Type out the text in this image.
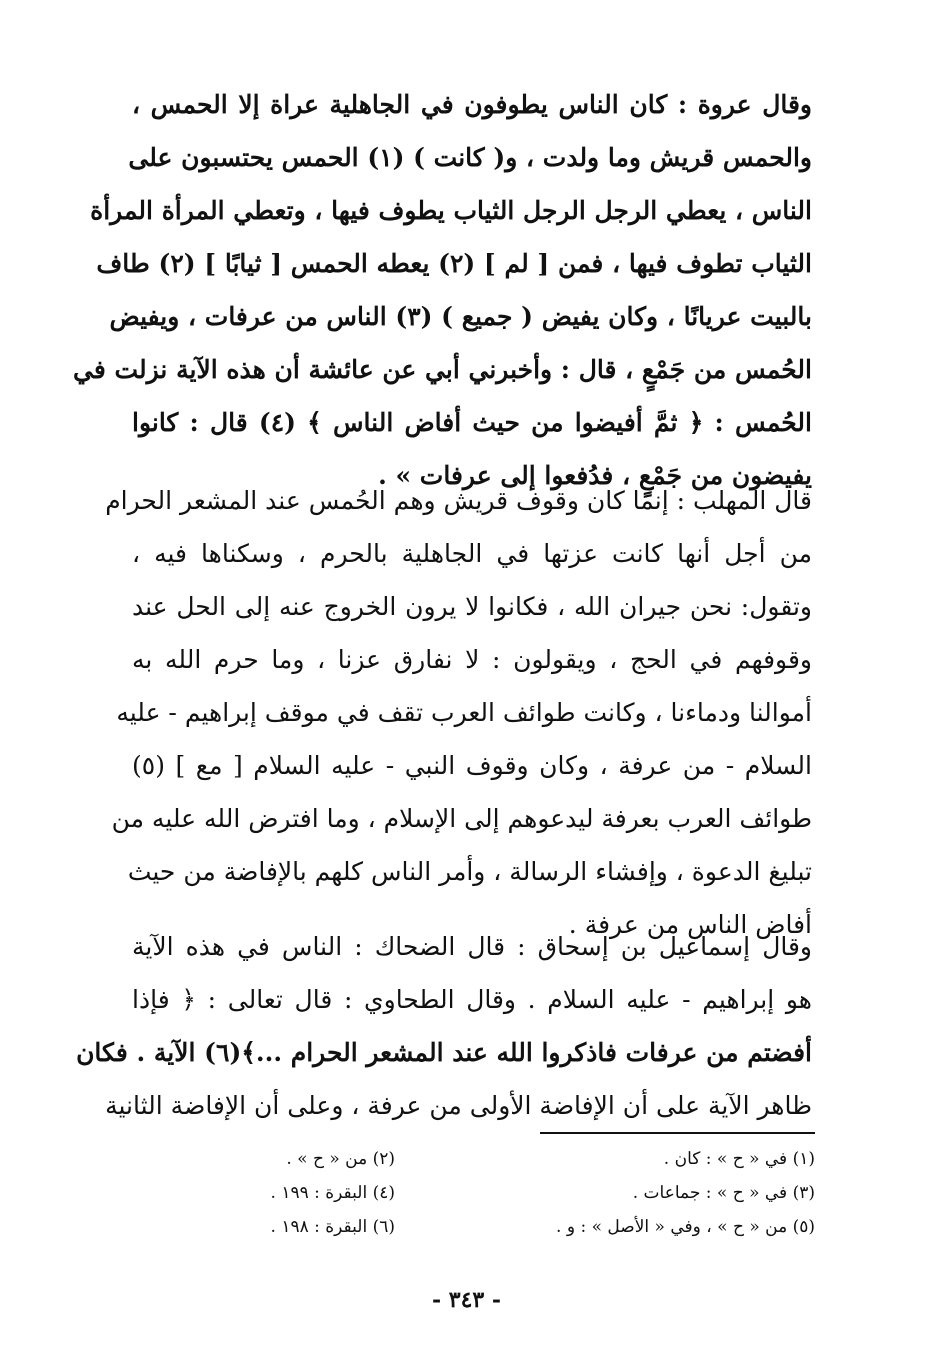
وقال عروة : كان الناس يطوفون في الجاهلية عراة إلا الحمس ،
والحمس قريش وما ولدت ، و( كانت ) (١) الحمس يحتسبون على
الناس ، يعطي الرجل الرجل الثياب يطوف فيها ، وتعطي المرأة المرأة
الثياب تطوف فيها ، فمن [ لم ] (٢) يعطه الحمس [ ثيابًا ] (٢) طاف
بالبيت عريانًا ، وكان يفيض ( جميع ) (٣) الناس من عرفات ، ويفيض
الحُمس من جَمْعٍ ، قال : وأخبرني أبي عن عائشة أن هذه الآية نزلت في
الحُمس : ﴿ ثمَّ أفيضوا من حيث أفاض الناس ﴾ (٤) قال : كانوا
يفيضون من جَمْعٍ ، فدُفعوا إلى عرفات » .
قال المهلب : إنما كان وقوف قريش وهم الحُمس عند المشعر الحرام
من أجل أنها كانت عزتها في الجاهلية بالحرم ، وسكناها فيه ،
وتقول: نحن جيران الله ، فكانوا لا يرون الخروج عنه إلى الحل عند
وقوفهم في الحج ، ويقولون : لا نفارق عزنا ، وما حرم الله به
أموالنا ودماءنا ، وكانت طوائف العرب تقف في موقف إبراهيم - عليه
السلام - من عرفة ، وكان وقوف النبي - عليه السلام [ مع ] (٥)
طوائف العرب بعرفة ليدعوهم إلى الإسلام ، وما افترض الله عليه من
تبليغ الدعوة ، وإفشاء الرسالة ، وأمر الناس كلهم بالإفاضة من حيث
أفاض الناس من عرفة .
وقال إسماعيل بن إسحاق : قال الضحاك : الناس في هذه الآية
هو إبراهيم - عليه السلام . وقال الطحاوي : قال تعالى : ﴿ فإذا
أفضتم من عرفات فاذكروا الله عند المشعر الحرام ...﴾(٦) الآية . فكان
ظاهر الآية على أن الإفاضة الأولى من عرفة ، وعلى أن الإفاضة الثانية
(١) في « ح » : كان .
(٢) من « ح » .
(٣) في « ح » : جماعات .
(٤) البقرة : ١٩٩ .
(٥) من « ح » ، وفي « الأصل » : و .
(٦) البقرة : ١٩٨ .
- ٣٤٣ -
